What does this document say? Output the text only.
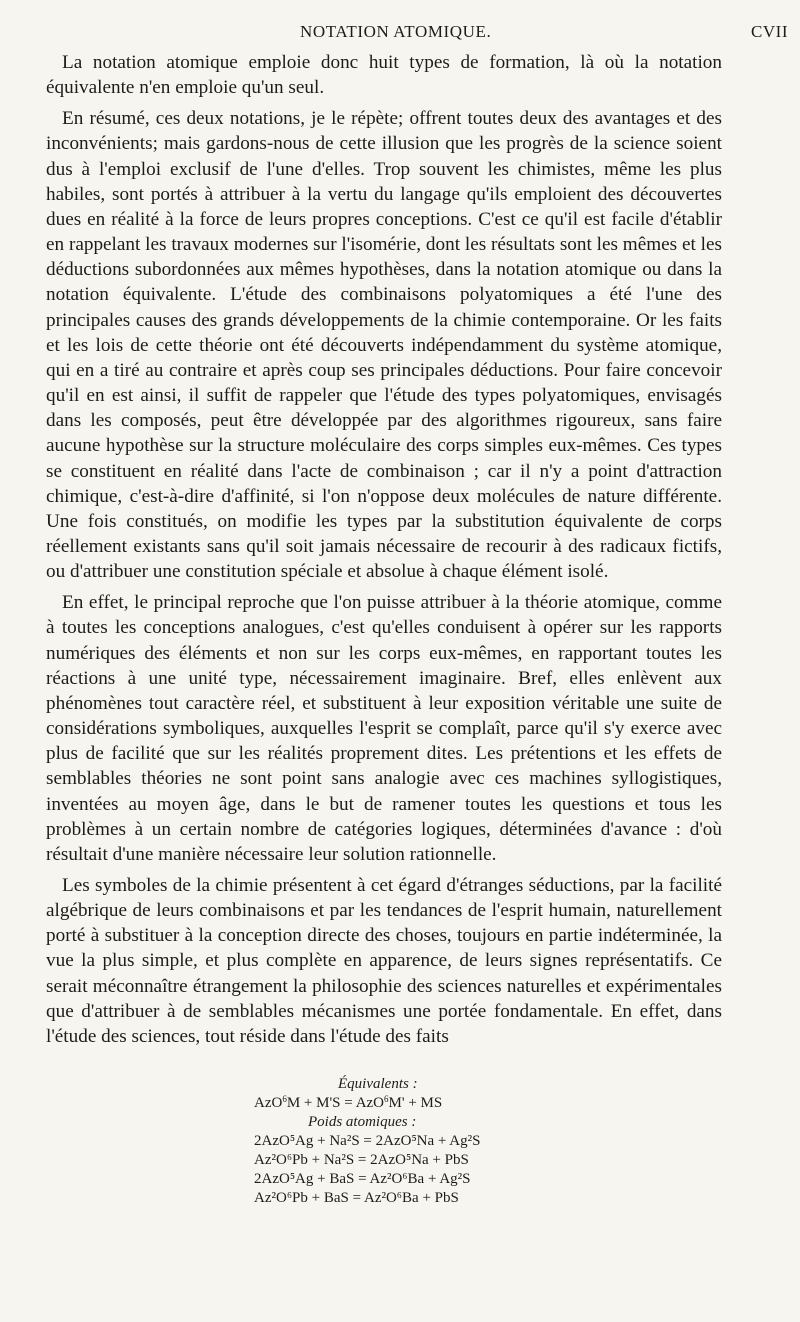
NOTATION ATOMIQUE.	CVII

La notation atomique emploie donc huit types de formation, là où la notation équivalente n'en emploie qu'un seul.

En résumé, ces deux notations, je le répète; offrent toutes deux des avantages et des inconvénients; mais gardons-nous de cette illusion que les progrès de la science soient dus à l'emploi exclusif de l'une d'elles. Trop souvent les chimistes, même les plus habiles, sont portés à attribuer à la vertu du langage qu'ils emploient des découvertes dues en réalité à la force de leurs propres conceptions. C'est ce qu'il est facile d'établir en rappelant les travaux modernes sur l'isomérie, dont les résultats sont les mêmes et les déductions subordonnées aux mêmes hypothèses, dans la notation atomique ou dans la notation équivalente. L'étude des combinaisons polyatomiques a été l'une des principales causes des grands développements de la chimie contemporaine. Or les faits et les lois de cette théorie ont été découverts indépendamment du système atomique, qui en a tiré au contraire et après coup ses principales déductions. Pour faire concevoir qu'il en est ainsi, il suffit de rappeler que l'étude des types polyatomiques, envisagés dans les composés, peut être développée par des algorithmes rigoureux, sans faire aucune hypothèse sur la structure moléculaire des corps simples eux-mêmes. Ces types se constituent en réalité dans l'acte de combinaison ; car il n'y a point d'attraction chimique, c'est-à-dire d'affinité, si l'on n'oppose deux molécules de nature différente. Une fois constitués, on modifie les types par la substitution équivalente de corps réellement existants sans qu'il soit jamais nécessaire de recourir à des radicaux fictifs, ou d'attribuer une constitution spéciale et absolue à chaque élément isolé.

En effet, le principal reproche que l'on puisse attribuer à la théorie atomique, comme à toutes les conceptions analogues, c'est qu'elles conduisent à opérer sur les rapports numériques des éléments et non sur les corps eux-mêmes, en rapportant toutes les réactions à une unité type, nécessairement imaginaire. Bref, elles enlèvent aux phénomènes tout caractère réel, et substituent à leur exposition véritable une suite de considérations symboliques, auxquelles l'esprit se complaît, parce qu'il s'y exerce avec plus de facilité que sur les réalités proprement dites. Les prétentions et les effets de semblables théories ne sont point sans analogie avec ces machines syllogistiques, inventées au moyen âge, dans le but de ramener toutes les questions et tous les problèmes à un certain nombre de catégories logiques, déterminées d'avance : d'où résultait d'une manière nécessaire leur solution rationnelle.

Les symboles de la chimie présentent à cet égard d'étranges séductions, par la facilité algébrique de leurs combinaisons et par les tendances de l'esprit humain, naturellement porté à substituer à la conception directe des choses, toujours en partie indéterminée, la vue la plus simple, et plus complète en apparence, de leurs signes représentatifs. Ce serait méconnaître étrangement la philosophie des sciences naturelles et expérimentales que d'attribuer à de semblables mécanismes une portée fondamentale. En effet, dans l'étude des sciences, tout réside dans l'étude des faits

Équivalents :
AzO$^6$M + M'S = AzO$^6$M' + MS
Poids atomiques :
2AzO⁵Ag + Na²S = 2AzO⁵Na + Ag²S
Az²O⁶Pb + Na²S = 2AzO⁵Na + PbS
2AzO⁵Ag + BaS = Az²O⁶Ba + Ag²S
Az²O⁶Pb + BaS = Az²O⁶Ba + PbS
